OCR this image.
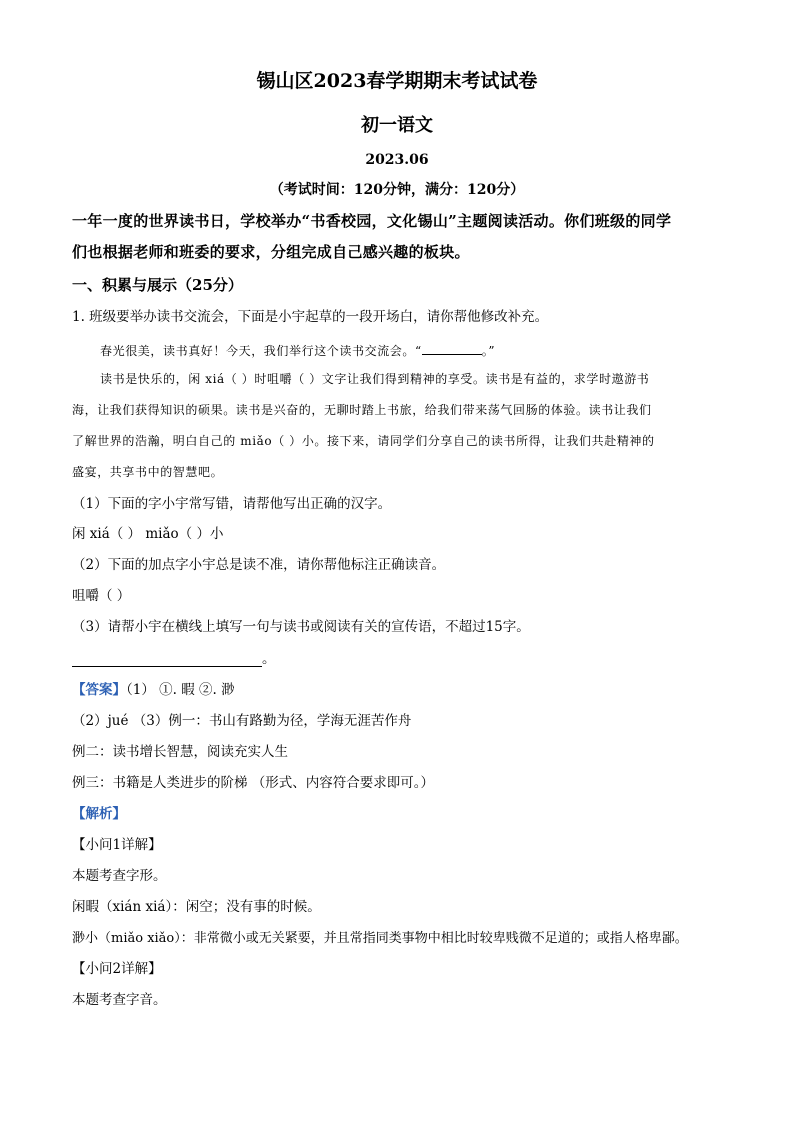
锡山区2023春学期期末考试试卷
初一语文
2023.06
（考试时间：120分钟，满分：120分）
一年一度的世界读书日，学校举办“书香校园，文化锡山”主题阅读活动。你们班级的同学
们也根据老师和班委的要求，分组完成自己感兴趣的板块。
一、积累与展示（25分）
1. 班级要举办读书交流会，下面是小宇起草的一段开场白，请你帮他修改补充。
春光很美，读书真好！今天，我们举行这个读书交流会。“	。”
读书是快乐的，闲 xiá（ ）时咀嚼（ ）文字让我们得到精神的享受。读书是有益的，求学时遨游书
海，让我们获得知识的硕果。读书是兴奋的，无聊时踏上书旅，给我们带来荡气回肠的体验。读书让我们
了解世界的浩瀚，明白自己的 miǎo（ ）小。接下来，请同学们分享自己的读书所得，让我们共赴精神的
盛宴，共享书中的智慧吧。
（1）下面的字小宇常写错，请帮他写出正确的汉字。
闲 xiá（ ） miǎo（ ）小
（2）下面的加点字小宇总是读不准，请你帮他标注正确读音。
咀嚼（ ）
（3）请帮小宇在横线上填写一句与读书或阅读有关的宣传语，不超过15字。
。
【答案】（1） ①. 暇 ②. 渺
（2）jué （3）例一：书山有路勤为径，学海无涯苦作舟
例二：读书增长智慧，阅读充实人生
例三：书籍是人类进步的阶梯 （形式、内容符合要求即可。）
【解析】
【小问1详解】
本题考查字形。
闲暇（xián xiá）：闲空；没有事的时候。
渺小（miǎo xiǎo）：非常微小或无关紧要，并且常指同类事物中相比时较卑贱微不足道的；或指人格卑鄙。
【小问2详解】
本题考查字音。
